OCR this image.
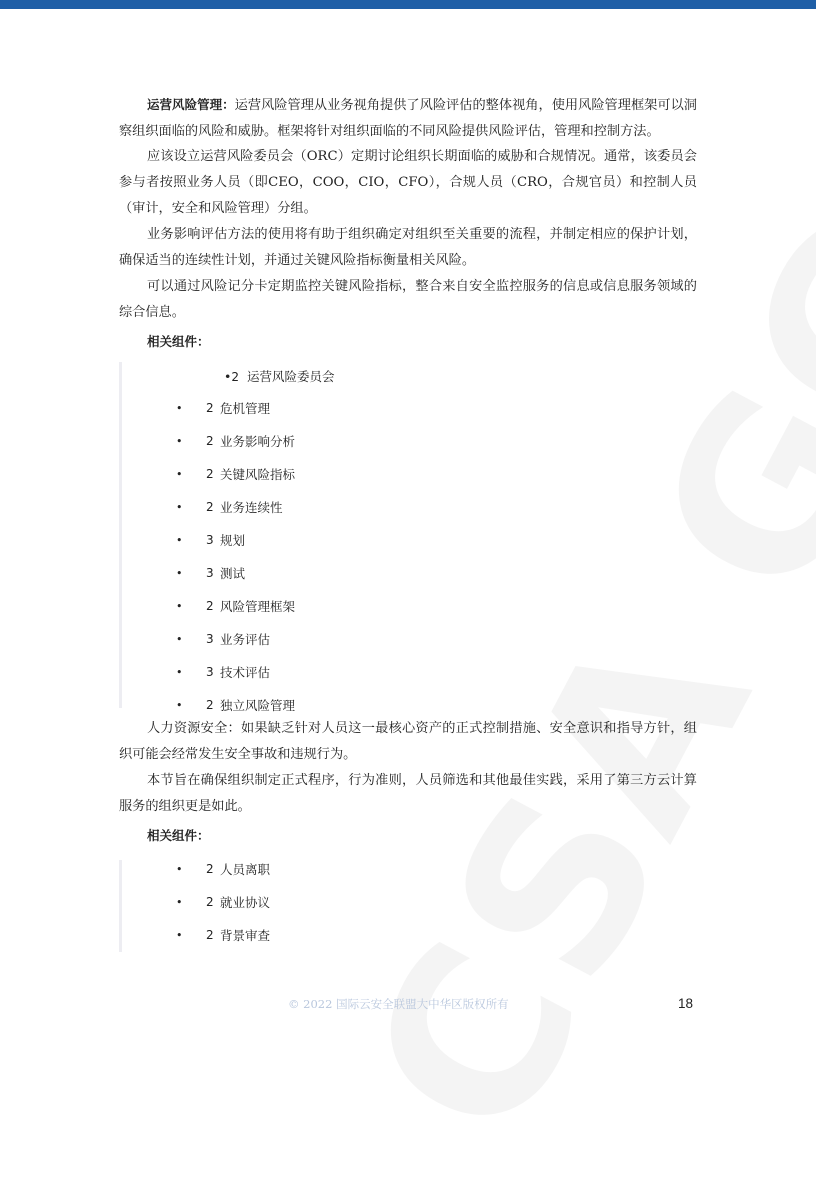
运营风险管理：运营风险管理从业务视角提供了风险评估的整体视角，使用风险管理框架可以洞察组织面临的风险和威胁。框架将针对组织面临的不同风险提供风险评估，管理和控制方法。

应该设立运营风险委员会（ORC）定期讨论组织长期面临的威胁和合规情况。通常，该委员会参与者按照业务人员（即CEO，COO，CIO，CFO），合规人员（CRO，合规官员）和控制人员（审计，安全和风险管理）分组。

业务影响评估方法的使用将有助于组织确定对组织至关重要的流程，并制定相应的保护计划，确保适当的连续性计划，并通过关键风险指标衡量相关风险。

可以通过风险记分卡定期监控关键风险指标，整合来自安全监控服务的信息或信息服务领域的综合信息。

相关组件：
•2 运营风险委员会
•	2 危机管理
•	2 业务影响分析
•	2 关键风险指标
•	2 业务连续性
•	3 规划
•	3 测试
•	2 风险管理框架
•	3 业务评估
•	3 技术评估
•	2 独立风险管理

人力资源安全：如果缺乏针对人员这一最核心资产的正式控制措施、安全意识和指导方针，组织可能会经常发生安全事故和违规行为。

本节旨在确保组织制定正式程序，行为准则，人员筛选和其他最佳实践，采用了第三方云计算服务的组织更是如此。

相关组件：
•	2 人员离职
•	2 就业协议
•	2 背景审查
© 2022 国际云安全联盟大中华区版权所有	18
